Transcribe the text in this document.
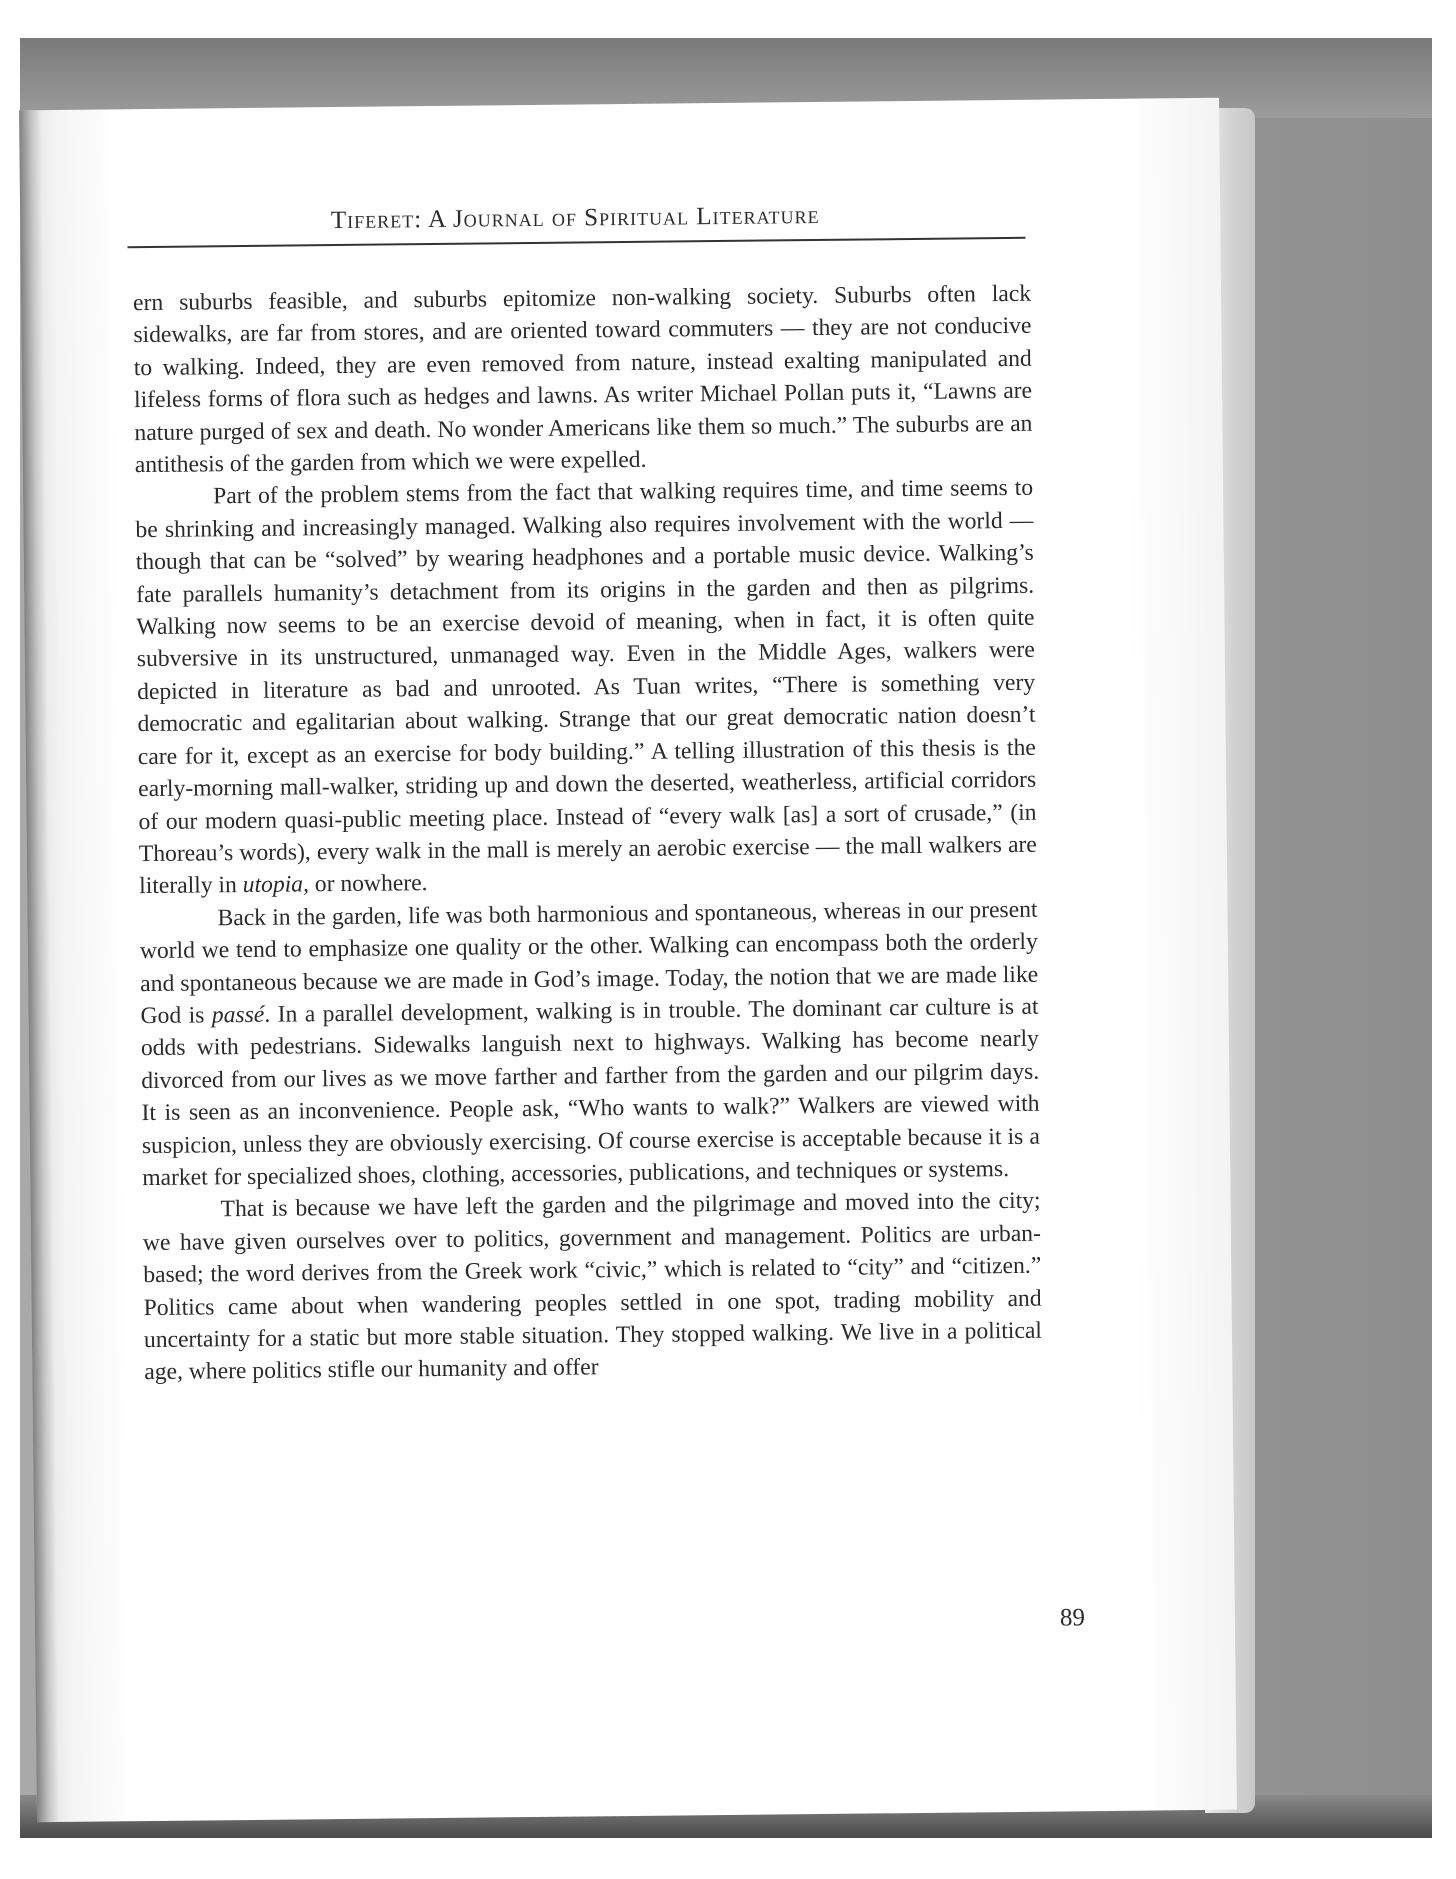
Tiferet: A Journal of Spiritual Literature

ern suburbs feasible, and suburbs epitomize non-walking society. Suburbs often lack sidewalks, are far from stores, and are oriented toward commuters — they are not conducive to walking. Indeed, they are even removed from nature, instead exalting manipulated and lifeless forms of flora such as hedges and lawns. As writer Michael Pollan puts it, “Lawns are nature purged of sex and death. No wonder Americans like them so much.” The suburbs are an antithesis of the garden from which we were expelled.

Part of the problem stems from the fact that walking requires time, and time seems to be shrinking and increasingly managed. Walking also requires involvement with the world — though that can be “solved” by wearing headphones and a portable music device. Walking’s fate parallels humanity’s detachment from its origins in the garden and then as pilgrims. Walking now seems to be an exercise devoid of meaning, when in fact, it is often quite subversive in its unstructured, unmanaged way. Even in the Middle Ages, walkers were depicted in literature as bad and unrooted. As Tuan writes, “There is something very democratic and egalitarian about walking. Strange that our great democratic nation doesn’t care for it, except as an exercise for body building.” A telling illustration of this thesis is the early-morning mall-walker, striding up and down the deserted, weatherless, artificial corridors of our modern quasi-public meeting place. Instead of “every walk [as] a sort of crusade,” (in Thoreau’s words), every walk in the mall is merely an aerobic exercise — the mall walkers are literally in utopia, or nowhere.

Back in the garden, life was both harmonious and spontaneous, whereas in our present world we tend to emphasize one quality or the other. Walking can encompass both the orderly and spontaneous because we are made in God’s image. Today, the notion that we are made like God is passé. In a parallel development, walking is in trouble. The dominant car culture is at odds with pedestrians. Sidewalks languish next to highways. Walking has become nearly divorced from our lives as we move farther and farther from the garden and our pilgrim days. It is seen as an inconvenience. People ask, “Who wants to walk?” Walkers are viewed with suspicion, unless they are obviously exercising. Of course exercise is acceptable because it is a market for specialized shoes, clothing, accessories, publications, and techniques or systems.

That is because we have left the garden and the pilgrimage and moved into the city; we have given ourselves over to politics, government and management. Politics are urban-based; the word derives from the Greek work “civic,” which is related to “city” and “citizen.” Politics came about when wandering peoples settled in one spot, trading mobility and uncertainty for a static but more stable situation. They stopped walking. We live in a political age, where politics stifle our humanity and offer

89
